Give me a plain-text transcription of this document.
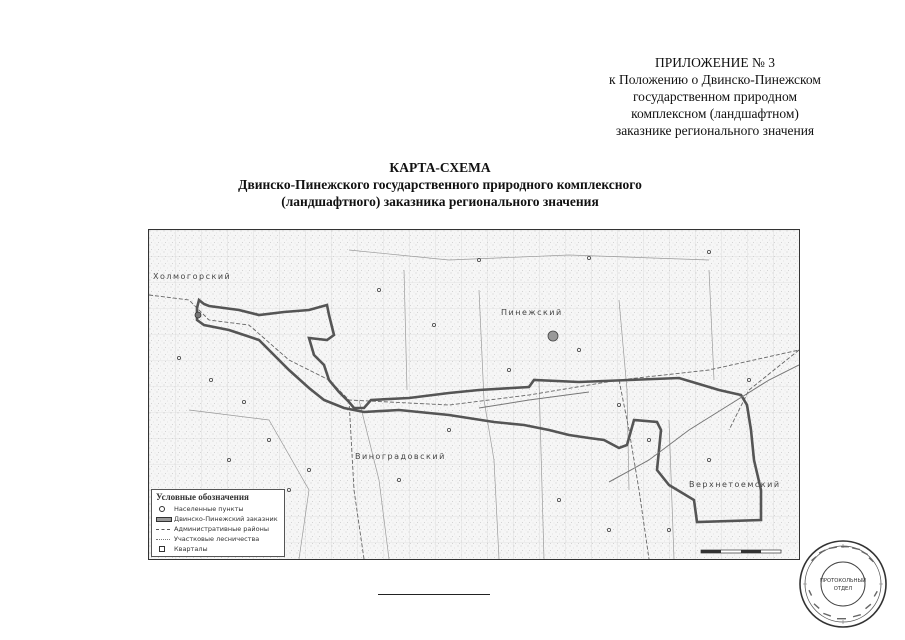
ПРИЛОЖЕНИЕ № 3
к Положению о Двинско-Пинежском
государственном природном
комплексном (ландшафтном)
заказнике регионального значения
КАРТА-СХЕМА
Двинско-Пинежского государственного природного комплексного
(ландшафтного) заказника регионального значения
Холмогорский
Пинежский
Виноградовский
Верхнетоемский
Условные обозначения
Населенные пункты
Двинско-Пинежский заказник
Административные районы
Участковые лесничества
Кварталы
ПРОТОКОЛЬНЫЙ
ОТДЕЛ
